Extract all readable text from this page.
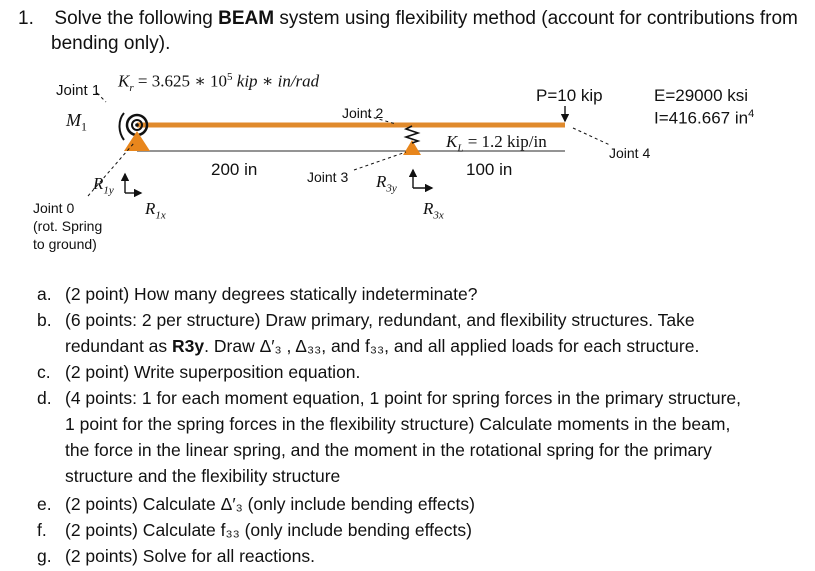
1. Solve the following BEAM system using flexibility method (account for contributions from
bending only).
Joint 1 $K_r = 3.625$ ∗ $10^5$ kip ∗ in/rad
$M_1$
Joint 2
P=10 kip	E=29000 ksi
I=416.667 $in^4$
$K_L = 1.2$ kip/in
Joint 4
200 in	100 in
Joint 3
$R_{1y}$	$R_{3y}$
$R_{1x}$	$R_{3x}$
Joint 0
(rot. Spring
to ground)
a. (2 point) How many degrees statically indeterminate?
b. (6 points: 2 per structure) Draw primary, redundant, and flexibility structures. Take
redundant as R3y. Draw Δ′₃ , Δ₃₃, and f₃₃, and all applied loads for each structure.
c. (2 point) Write superposition equation.
d. (4 points: 1 for each moment equation, 1 point for spring forces in the primary structure,
1 point for the spring forces in the flexibility structure) Calculate moments in the beam,
the force in the linear spring, and the moment in the rotational spring for the primary
structure and the flexibility structure
e. (2 points) Calculate Δ′₃ (only include bending effects)
f. (2 points) Calculate f₃₃ (only include bending effects)
g. (2 points) Solve for all reactions.
